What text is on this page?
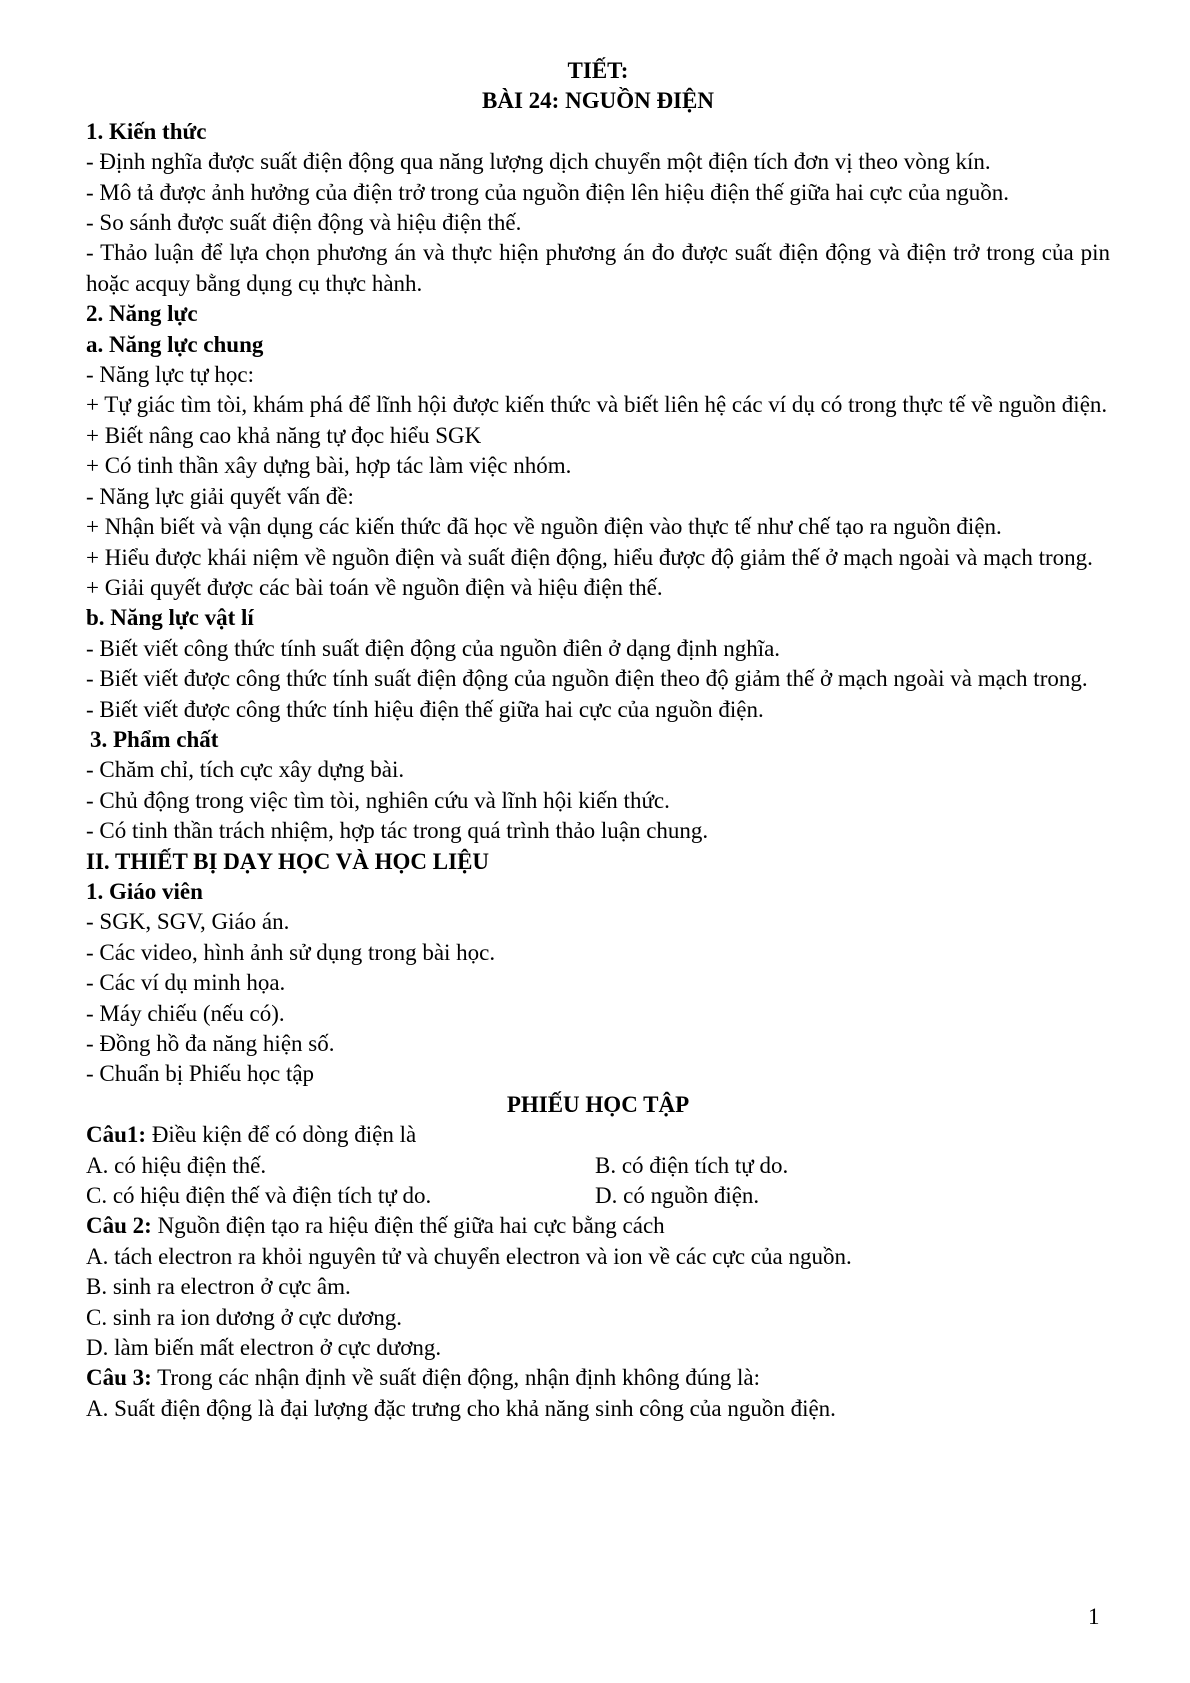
TIẾT:

BÀI 24: NGUỒN ĐIỆN

1. Kiến thức

- Định nghĩa được suất điện động qua năng lượng dịch chuyển một điện tích đơn vị theo vòng kín.

- Mô tả được ảnh hưởng của điện trở trong của nguồn điện lên hiệu điện thế giữa hai cực của nguồn.

- So sánh được suất điện động và hiệu điện thế.

- Thảo luận để lựa chọn phương án và thực hiện phương án đo được suất điện động và điện trở trong của pin hoặc acquy bằng dụng cụ thực hành.

2. Năng lực

a. Năng lực chung

- Năng lực tự học:

+ Tự giác tìm tòi, khám phá để lĩnh hội được kiến thức và biết liên hệ các ví dụ có trong thực tế về nguồn điện.

+ Biết nâng cao khả năng tự đọc hiểu SGK

+ Có tinh thần xây dựng bài, hợp tác làm việc nhóm.

- Năng lực giải quyết vấn đề:

+ Nhận biết và vận dụng các kiến thức đã học về nguồn điện vào thực tế như chế tạo ra nguồn điện.

+ Hiểu được khái niệm về nguồn điện và suất điện động, hiểu được độ giảm thế ở mạch ngoài và mạch trong.

+ Giải quyết được các bài toán về nguồn điện và hiệu điện thế.

b. Năng lực vật lí

- Biết viết công thức tính suất điện động của nguồn điên ở dạng định nghĩa.

- Biết viết được công thức tính suất điện động của nguồn điện theo độ giảm thế ở mạch ngoài và mạch trong.

- Biết viết được công thức tính hiệu điện thế giữa hai cực của nguồn điện.

3. Phẩm chất

- Chăm chỉ, tích cực xây dựng bài.

- Chủ động trong việc tìm tòi, nghiên cứu và lĩnh hội kiến thức.

- Có tinh thần trách nhiệm, hợp tác trong quá trình thảo luận chung.

II. THIẾT BỊ DẠY HỌC VÀ HỌC LIỆU

1. Giáo viên

- SGK, SGV, Giáo án.

- Các video, hình ảnh sử dụng trong bài học.

- Các ví dụ minh họa.

- Máy chiếu (nếu có).

- Đồng hồ đa năng hiện số.

- Chuẩn bị Phiếu học tập

PHIẾU HỌC TẬP

Câu1: Điều kiện để có dòng điện là

A. có hiệu điện thế.	B. có điện tích tự do.
C. có hiệu điện thế và điện tích tự do.	D. có nguồn điện.

Câu 2: Nguồn điện tạo ra hiệu điện thế giữa hai cực bằng cách

A. tách electron ra khỏi nguyên tử và chuyển electron và ion về các cực của nguồn.

B. sinh ra electron ở cực âm.

C. sinh ra ion dương ở cực dương.

D. làm biến mất electron ở cực dương.

Câu 3: Trong các nhận định về suất điện động, nhận định không đúng là:

A. Suất điện động là đại lượng đặc trưng cho khả năng sinh công của nguồn điện.

1
